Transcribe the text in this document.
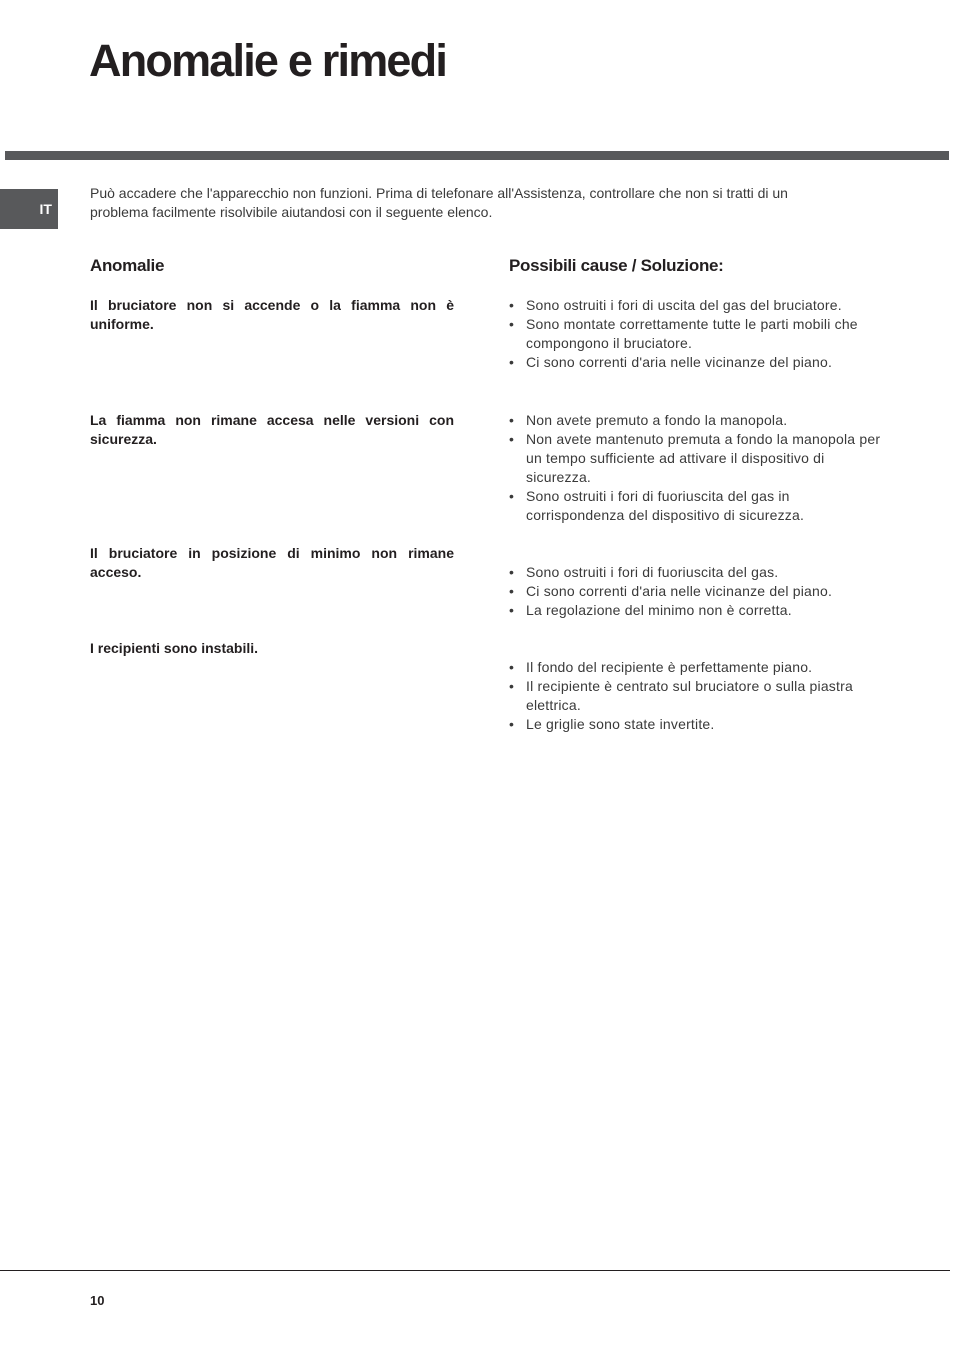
Anomalie e rimedi
IT

Può accadere che l'apparecchio non funzioni. Prima di telefonare all'Assistenza, controllare che non si tratti di un
problema facilmente risolvibile aiutandosi con il seguente elenco.

Anomalie	Possibili cause / Soluzione:

Il bruciatore non si accende o la fiamma non è uniforme.

• Sono ostruiti i fori di uscita del gas del bruciatore.
• Sono montate correttamente tutte le parti mobili che compongono il bruciatore.
• Ci sono correnti d'aria nelle vicinanze del piano.

La fiamma non rimane accesa nelle versioni con sicurezza.

• Non avete premuto a fondo la manopola.
• Non avete mantenuto premuta a fondo la manopola per un tempo sufficiente ad attivare il dispositivo di sicurezza.
• Sono ostruiti i fori di fuoriuscita del gas in corrispondenza del dispositivo di sicurezza.

Il bruciatore in posizione di minimo non rimane acceso.	• Sono ostruiti i fori di fuoriuscita del gas.
• Ci sono correnti d'aria nelle vicinanze del piano.
• La regolazione del minimo non è corretta.

I recipienti sono instabili.

• Il fondo del recipiente è perfettamente piano.
• Il recipiente è centrato sul bruciatore o sulla piastra elettrica.
• Le griglie sono state invertite.
10
